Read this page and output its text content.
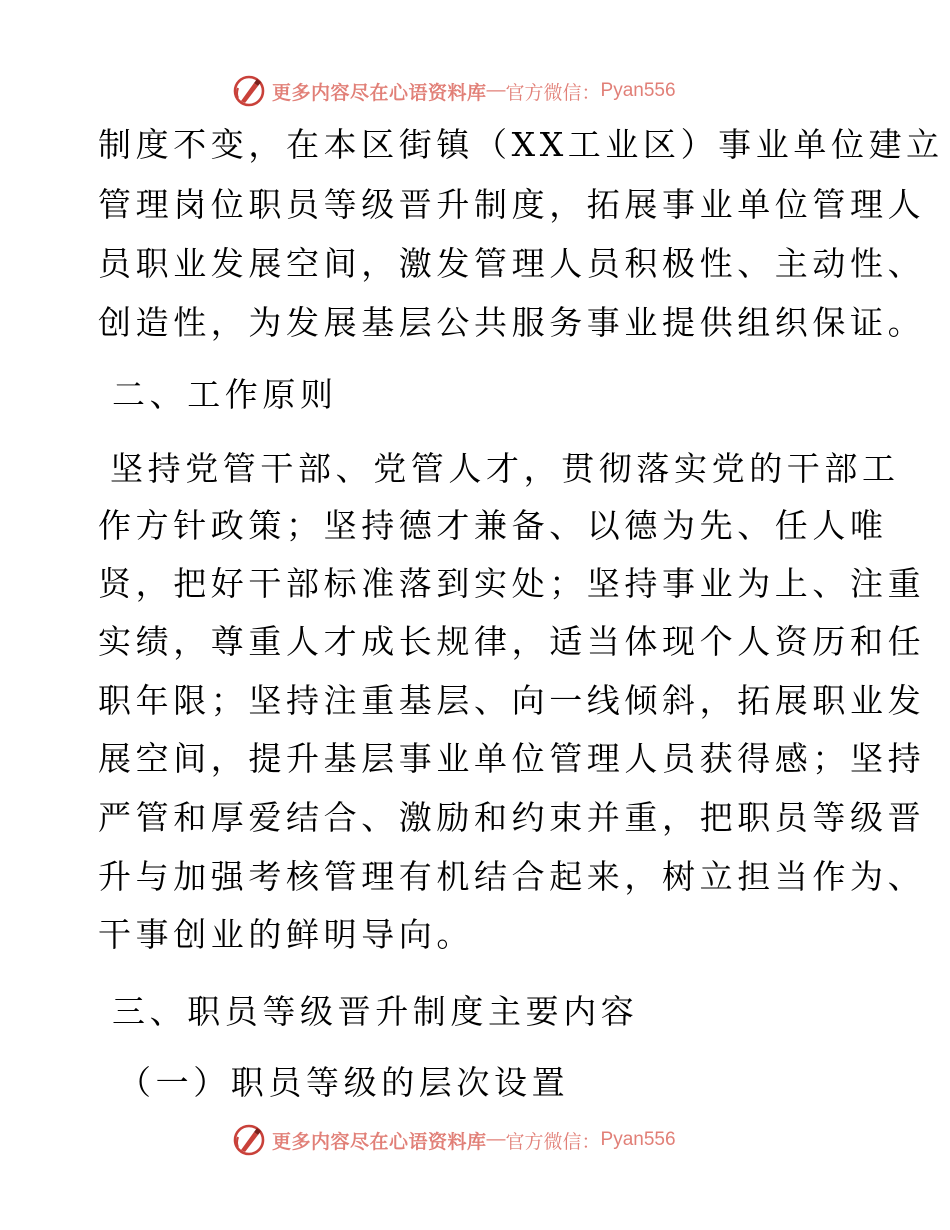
更多内容尽在心语资料库 — 官方微信： Pyan556
制度不变，在本区街镇（XX工业区）事业单位建立
管理岗位职员等级晋升制度，拓展事业单位管理人
员职业发展空间，激发管理人员积极性、主动性、
创造性，为发展基层公共服务事业提供组织保证。
二、工作原则
坚持党管干部、党管人才，贯彻落实党的干部工
作方针政策；坚持德才兼备、以德为先、任人唯
贤，把好干部标准落到实处；坚持事业为上、注重
实绩，尊重人才成长规律，适当体现个人资历和任
职年限；坚持注重基层、向一线倾斜，拓展职业发
展空间，提升基层事业单位管理人员获得感；坚持
严管和厚爱结合、激励和约束并重，把职员等级晋
升与加强考核管理有机结合起来，树立担当作为、
干事创业的鲜明导向。
三、职员等级晋升制度主要内容
（一）职员等级的层次设置
更多内容尽在心语资料库 — 官方微信： Pyan556
